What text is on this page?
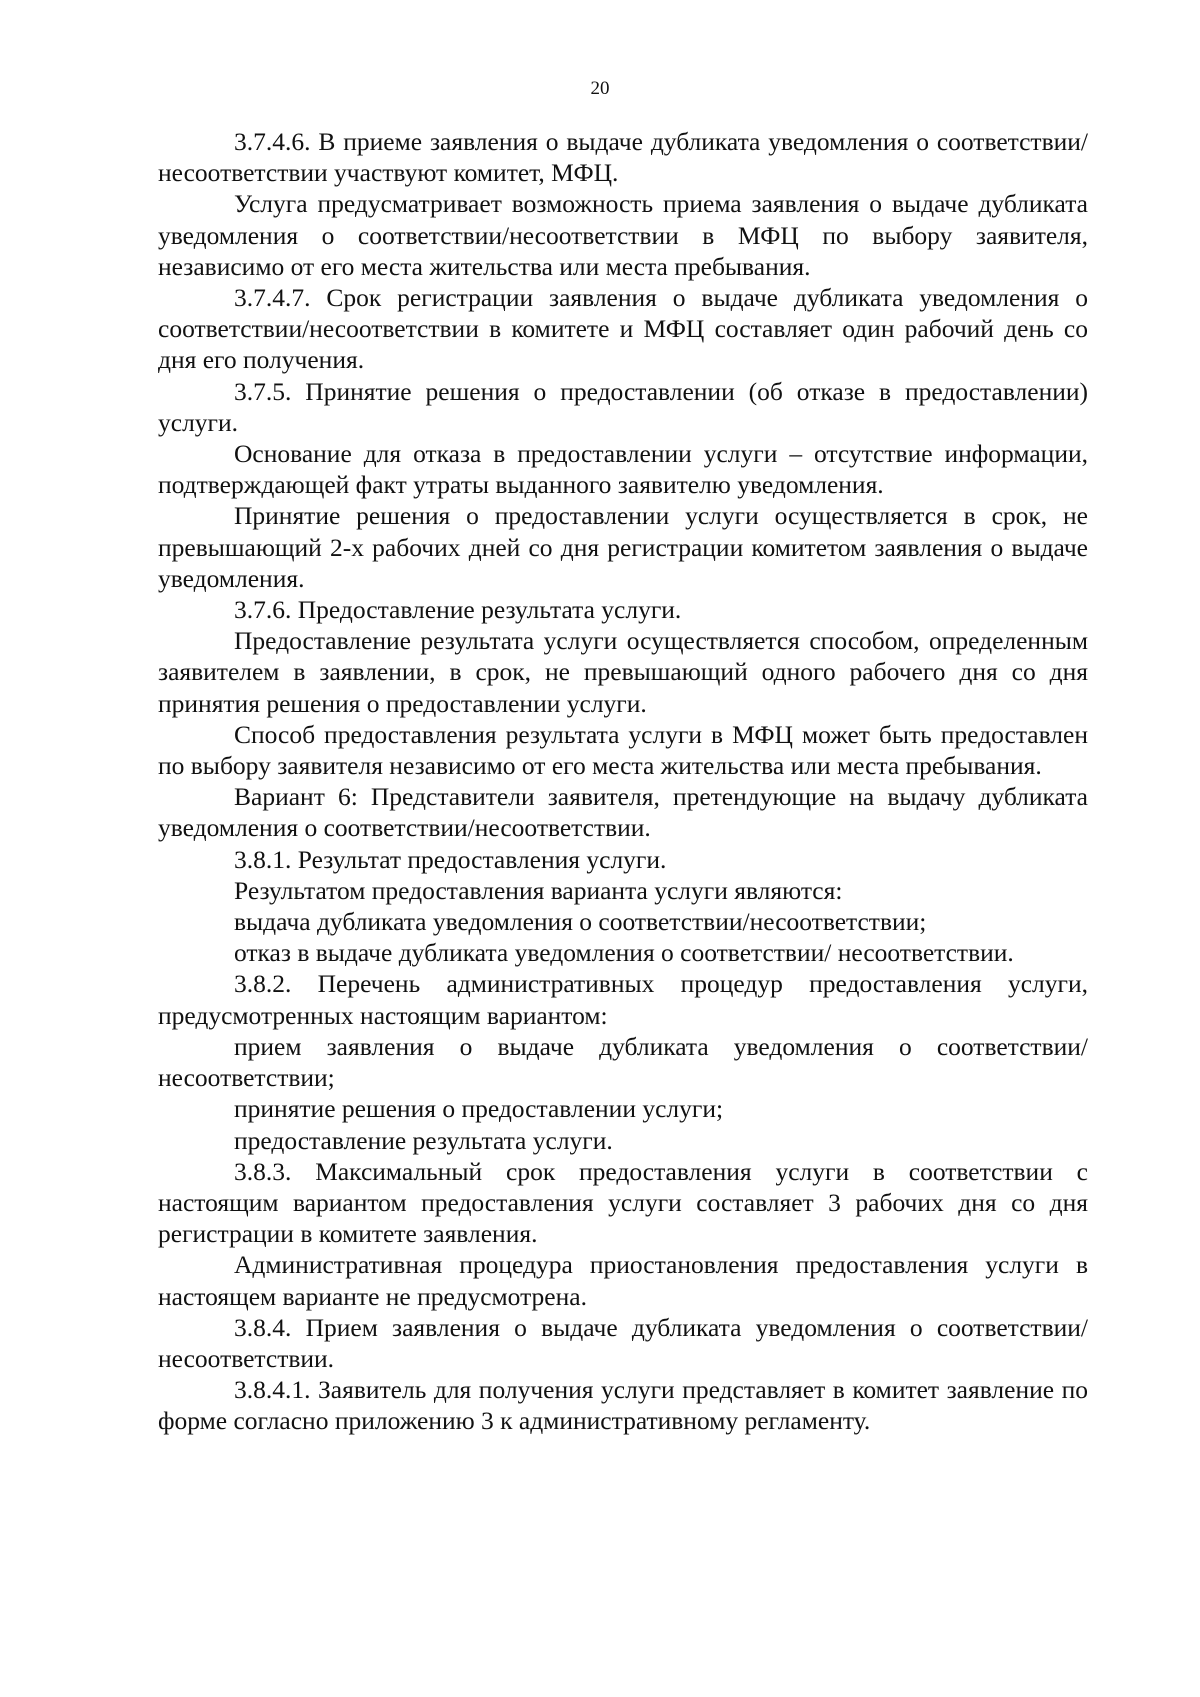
20

3.7.4.6. В приеме заявления о выдаче дубликата уведомления о соответствии/несоответствии участвуют комитет, МФЦ.

Услуга предусматривает возможность приема заявления о выдаче дубликата уведомления о соответствии/несоответствии в МФЦ по выбору заявителя, независимо от его места жительства или места пребывания.

3.7.4.7. Срок регистрации заявления о выдаче дубликата уведомления о соответствии/несоответствии в комитете и МФЦ составляет один рабочий день со дня его получения.

3.7.5. Принятие решения о предоставлении (об отказе в предоставлении) услуги.

Основание для отказа в предоставлении услуги – отсутствие информации, подтверждающей факт утраты выданного заявителю уведомления.

Принятие решения о предоставлении услуги осуществляется в срок, не превышающий 2-х рабочих дней со дня регистрации комитетом заявления о выдаче уведомления.

3.7.6. Предоставление результата услуги.

Предоставление результата услуги осуществляется способом, определенным заявителем в заявлении, в срок, не превышающий одного рабочего дня со дня принятия решения о предоставлении услуги.

Способ предоставления результата услуги в МФЦ может быть предоставлен по выбору заявителя независимо от его места жительства или места пребывания.

Вариант 6: Представители заявителя, претендующие на выдачу дубликата уведомления о соответствии/несоответствии.

3.8.1. Результат предоставления услуги.

Результатом предоставления варианта услуги являются:

выдача дубликата уведомления о соответствии/несоответствии;

отказ в выдаче дубликата уведомления о соответствии/ несоответствии.

3.8.2. Перечень административных процедур предоставления услуги, предусмотренных настоящим вариантом:

прием заявления о выдаче дубликата уведомления о соответствии/несоответствии;

принятие решения о предоставлении услуги;

предоставление результата услуги.

3.8.3. Максимальный срок предоставления услуги в соответствии с настоящим вариантом предоставления услуги составляет 3 рабочих дня со дня регистрации в комитете заявления.

Административная процедура приостановления предоставления услуги в настоящем варианте не предусмотрена.

3.8.4. Прием заявления о выдаче дубликата уведомления о соответствии/несоответствии.

3.8.4.1. Заявитель для получения услуги представляет в комитет заявление по форме согласно приложению 3 к административному регламенту.
